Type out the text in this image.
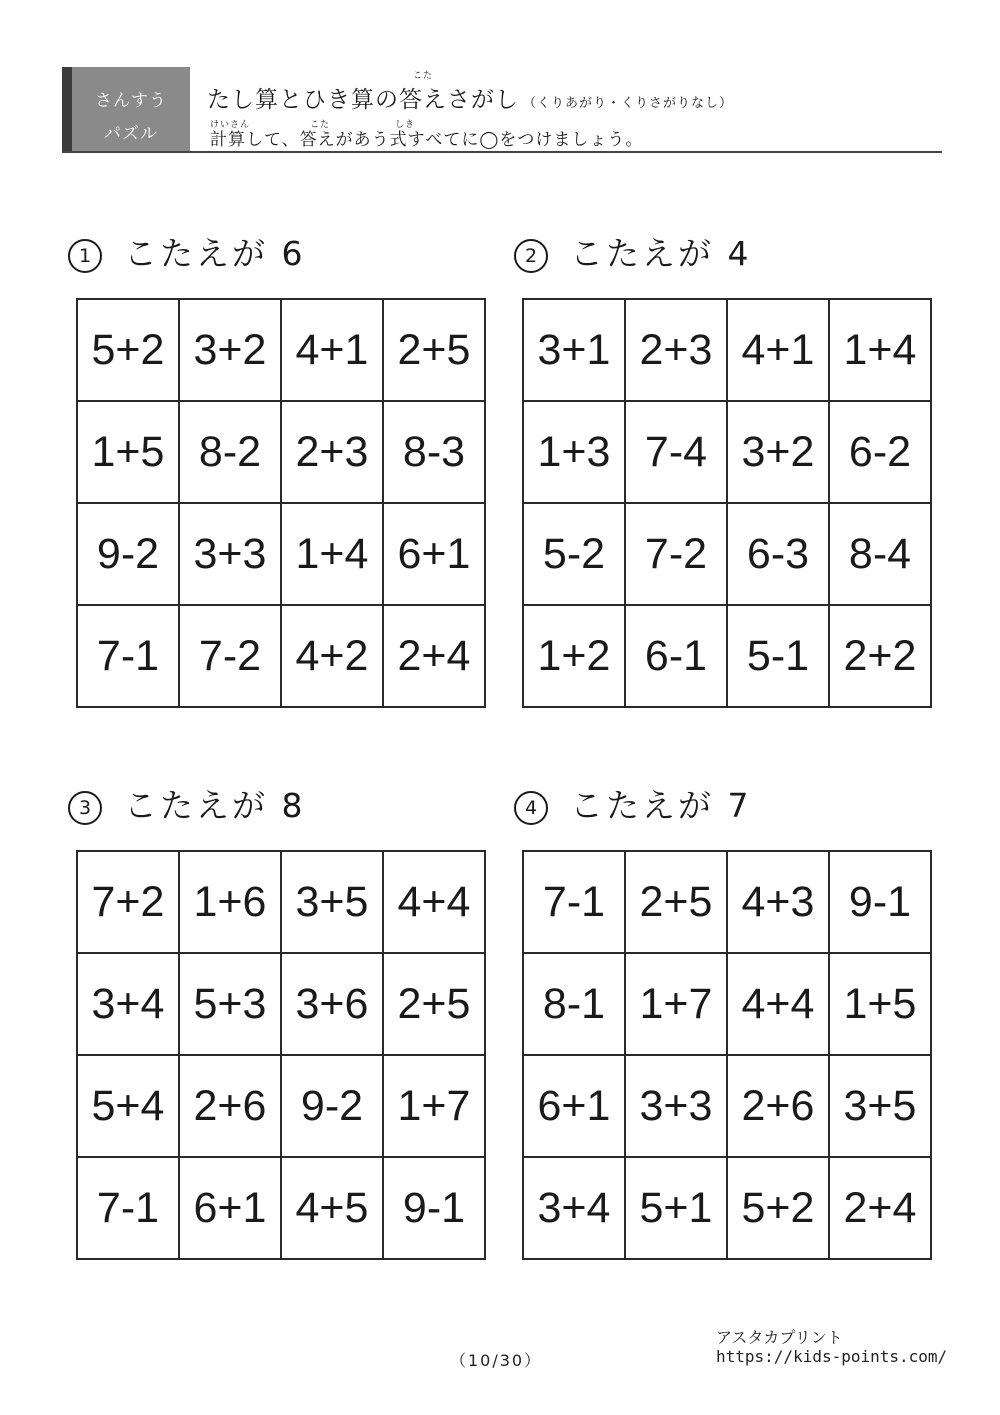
さんすう
パズル
こた
たし算とひき算の答えさがし （くりあがり・くりさがりなし）
けいさん	こた	しき
計算して、答えがあう式すべてに◯をつけましょう。
1 こたえが 6
5+2	3+2	4+1	2+5
1+5	8-2	2+3	8-3
9-2	3+3	1+4	6+1
7-1	7-2	4+2	2+4
2 こたえが 4
3+1	2+3	4+1	1+4
1+3	7-4	3+2	6-2
5-2	7-2	6-3	8-4
1+2	6-1	5-1	2+2
3 こたえが 8
7+2	1+6	3+5	4+4
3+4	5+3	3+6	2+5
5+4	2+6	9-2	1+7
7-1	6+1	4+5	9-1
4 こたえが 7
7-1	2+5	4+3	9-1
8-1	1+7	4+4	1+5
6+1	3+3	2+6	3+5
3+4	5+1	5+2	2+4
（10/30）
アスタカプリント
https://kids-points.com/
